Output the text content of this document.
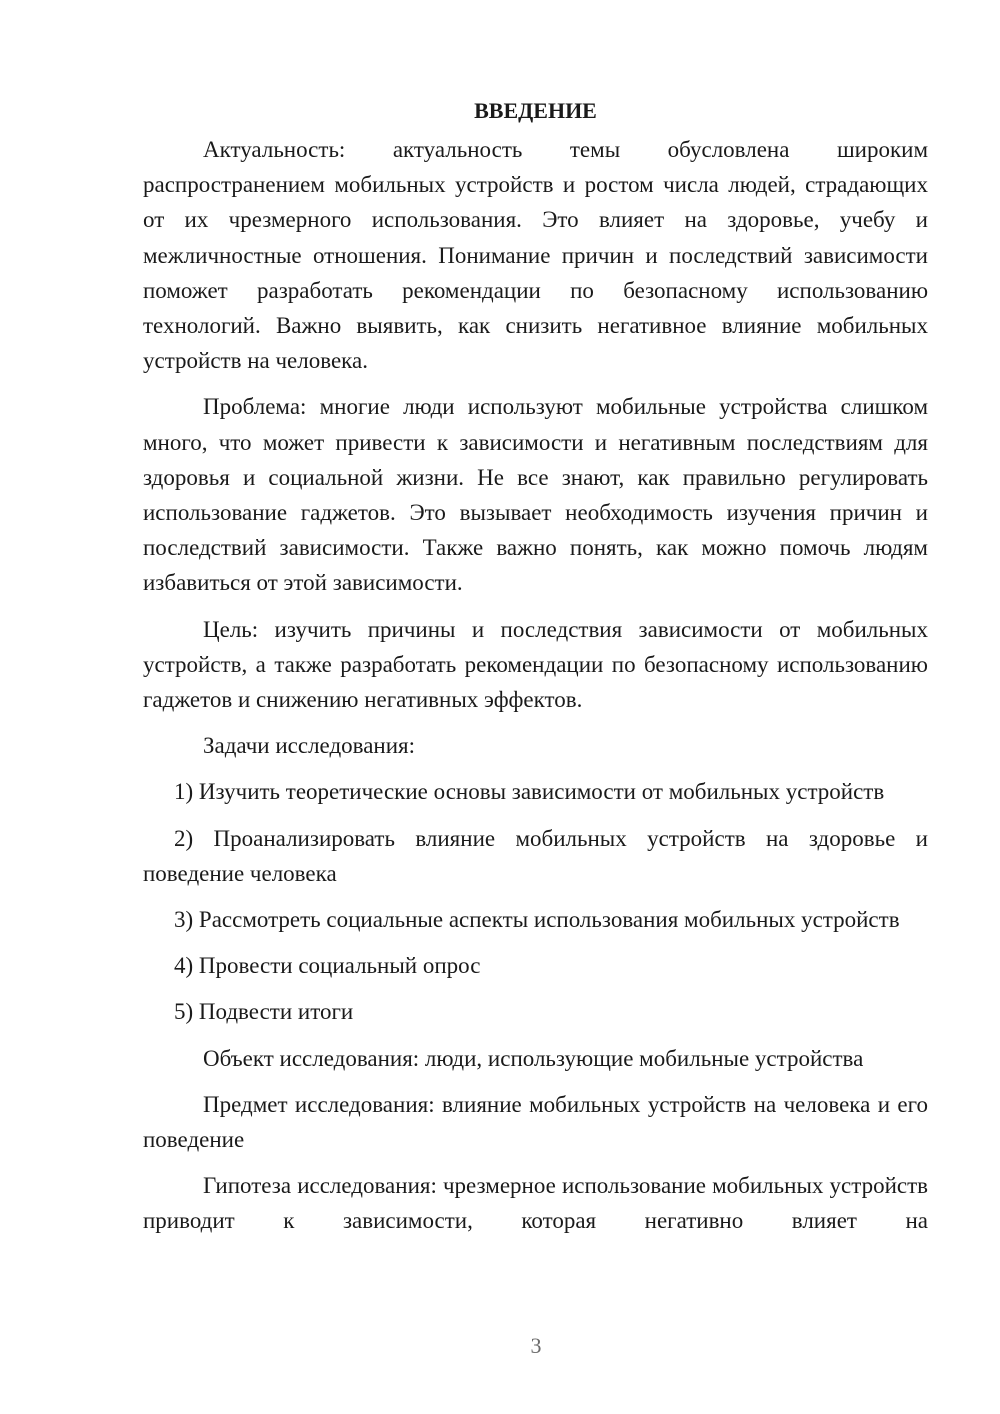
ВВЕДЕНИЕ

Актуальность: актуальность темы обусловлена широким распространением мобильных устройств и ростом числа людей, страдающих от их чрезмерного использования. Это влияет на здоровье, учебу и межличностные отношения. Понимание причин и последствий зависимости поможет разработать рекомендации по безопасному использованию технологий. Важно выявить, как снизить негативное влияние мобильных устройств на человека.

Проблема: многие люди используют мобильные устройства слишком много, что может привести к зависимости и негативным последствиям для здоровья и социальной жизни. Не все знают, как правильно регулировать использование гаджетов. Это вызывает необходимость изучения причин и последствий зависимости. Также важно понять, как можно помочь людям избавиться от этой зависимости.

Цель: изучить причины и последствия зависимости от мобильных устройств, а также разработать рекомендации по безопасному использованию гаджетов и снижению негативных эффектов.

Задачи исследования:

1) Изучить теоретические основы зависимости от мобильных устройств

2) Проанализировать влияние мобильных устройств на здоровье и поведение человека

3) Рассмотреть социальные аспекты использования мобильных устройств

4) Провести социальный опрос

5) Подвести итоги

Объект исследования: люди, использующие мобильные устройства

Предмет исследования: влияние мобильных устройств на человека и его поведение

Гипотеза исследования: чрезмерное использование мобильных устройств приводит к зависимости, которая негативно влияет на

3
